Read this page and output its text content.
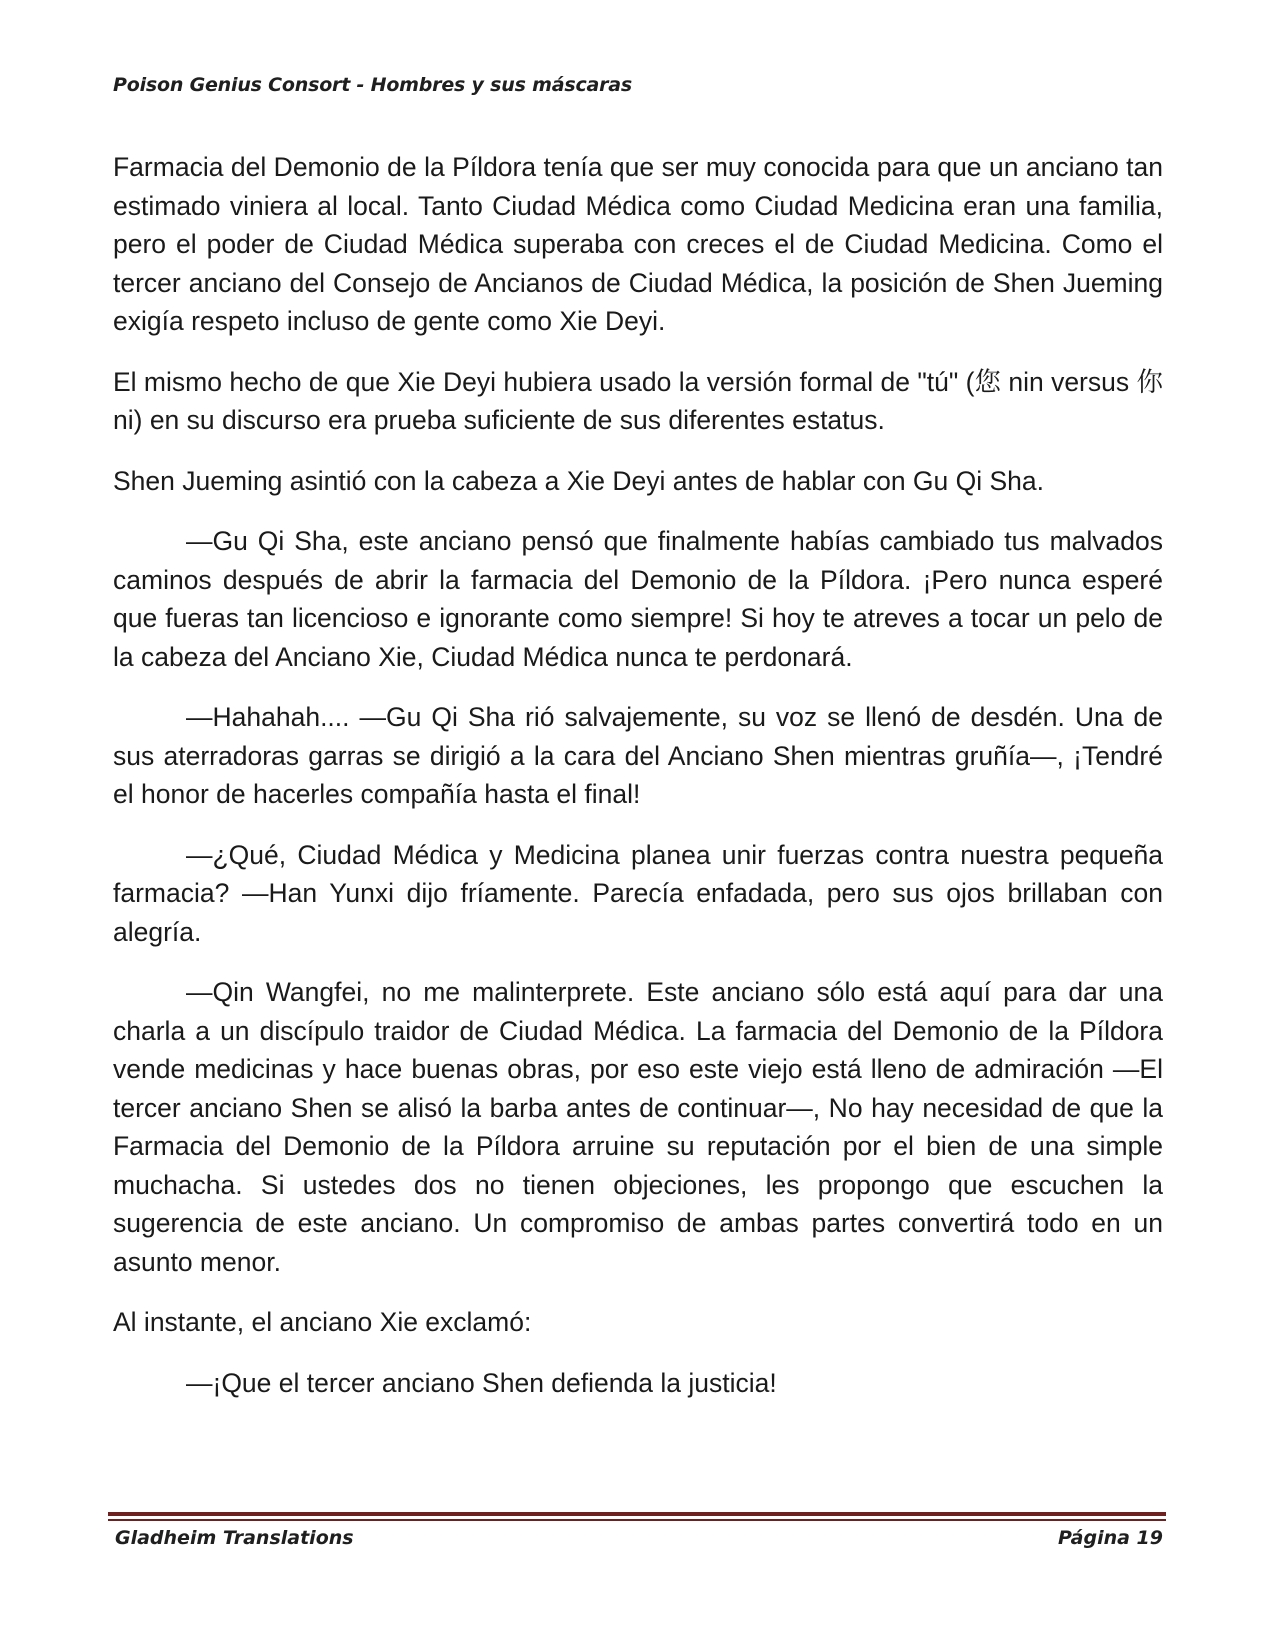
Poison Genius Consort - Hombres y sus máscaras

Farmacia del Demonio de la Píldora tenía que ser muy conocida para que un anciano tan estimado viniera al local. Tanto Ciudad Médica como Ciudad Medicina eran una familia, pero el poder de Ciudad Médica superaba con creces el de Ciudad Medicina. Como el tercer anciano del Consejo de Ancianos de Ciudad Médica, la posición de Shen Jueming exigía respeto incluso de gente como Xie Deyi.

El mismo hecho de que Xie Deyi hubiera usado la versión formal de "tú" (您 nin versus 你 ni) en su discurso era prueba suficiente de sus diferentes estatus.

Shen Jueming asintió con la cabeza a Xie Deyi antes de hablar con Gu Qi Sha.

—Gu Qi Sha, este anciano pensó que finalmente habías cambiado tus malvados caminos después de abrir la farmacia del Demonio de la Píldora. ¡Pero nunca esperé que fueras tan licencioso e ignorante como siempre! Si hoy te atreves a tocar un pelo de la cabeza del Anciano Xie, Ciudad Médica nunca te perdonará.

—Hahahah.... —Gu Qi Sha rió salvajemente, su voz se llenó de desdén. Una de sus aterradoras garras se dirigió a la cara del Anciano Shen mientras gruñía—, ¡Tendré el honor de hacerles compañía hasta el final!

—¿Qué, Ciudad Médica y Medicina planea unir fuerzas contra nuestra pequeña farmacia? —Han Yunxi dijo fríamente. Parecía enfadada, pero sus ojos brillaban con alegría.

—Qin Wangfei, no me malinterprete. Este anciano sólo está aquí para dar una charla a un discípulo traidor de Ciudad Médica. La farmacia del Demonio de la Píldora vende medicinas y hace buenas obras, por eso este viejo está lleno de admiración —El tercer anciano Shen se alisó la barba antes de continuar—, No hay necesidad de que la Farmacia del Demonio de la Píldora arruine su reputación por el bien de una simple muchacha. Si ustedes dos no tienen objeciones, les propongo que escuchen la sugerencia de este anciano. Un compromiso de ambas partes convertirá todo en un asunto menor.

Al instante, el anciano Xie exclamó:

—¡Que el tercer anciano Shen defienda la justicia!

Gladheim Translations	Página 19
